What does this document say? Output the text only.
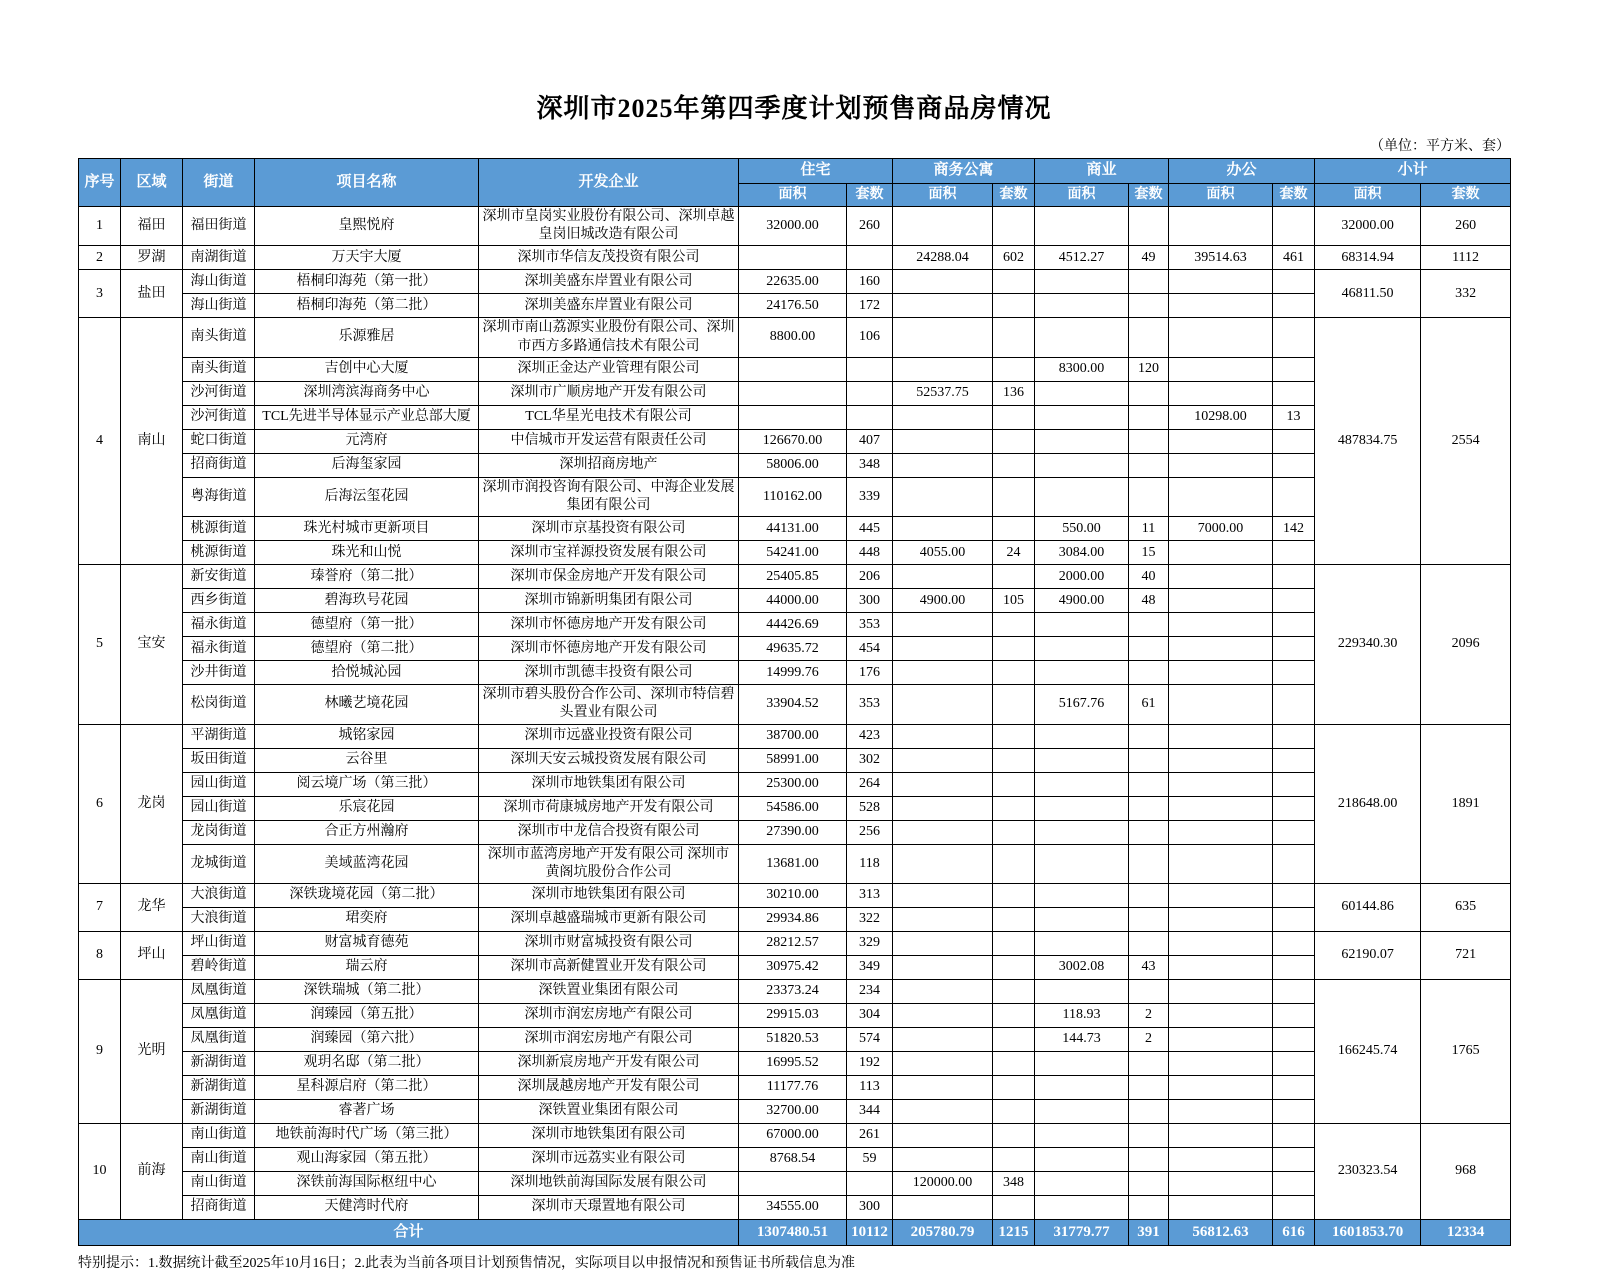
深圳市2025年第四季度计划预售商品房情况
（单位：平方米、套）
序号	区域	街道	项目名称	开发企业	住宅		商务公寓		商业		办公		小计	
					面积	套数	面积	套数	面积	套数	面积	套数	面积	套数
1	福田	福田街道	皇熙悦府	深圳市皇岗实业股份有限公司、深圳卓越皇岗旧城改造有限公司	32000.00	260							32000.00	260
2	罗湖	南湖街道	万天宇大厦	深圳市华信友茂投资有限公司			24288.04	602	4512.27	49	39514.63	461	68314.94	1112
3	盐田	海山街道	梧桐印海苑（第一批）	深圳美盛东岸置业有限公司	22635.00	160							46811.50	332
		海山街道	梧桐印海苑（第二批）	深圳美盛东岸置业有限公司	24176.50	172								
4	南山	南头街道	乐源雅居	深圳市南山荔源实业股份有限公司、深圳市西方多路通信技术有限公司	8800.00	106							487834.75	2554
		南头街道	吉创中心大厦	深圳正金达产业管理有限公司					8300.00	120				
		沙河街道	深圳湾滨海商务中心	深圳市广顺房地产开发有限公司			52537.75	136						
		沙河街道	TCL先进半导体显示产业总部大厦	TCL华星光电技术有限公司							10298.00	13		
		蛇口街道	元湾府	中信城市开发运营有限责任公司	126670.00	407								
		招商街道	后海玺家园	深圳招商房地产	58006.00	348								
		粤海街道	后海沄玺花园	深圳市润投咨询有限公司、中海企业发展集团有限公司	110162.00	339								
		桃源街道	珠光村城市更新项目	深圳市京基投资有限公司	44131.00	445			550.00	11	7000.00	142		
		桃源街道	珠光和山悦	深圳市宝祥源投资发展有限公司	54241.00	448	4055.00	24	3084.00	15				
5	宝安	新安街道	瑧誉府（第二批）	深圳市保金房地产开发有限公司	25405.85	206			2000.00	40			229340.30	2096
		西乡街道	碧海玖号花园	深圳市锦新明集团有限公司	44000.00	300	4900.00	105	4900.00	48				
		福永街道	德望府（第一批）	深圳市怀德房地产开发有限公司	44426.69	353								
		福永街道	德望府（第二批）	深圳市怀德房地产开发有限公司	49635.72	454								
		沙井街道	拾悦城沁园	深圳市凯德丰投资有限公司	14999.76	176								
		松岗街道	林曦艺境花园	深圳市碧头股份合作公司、深圳市特信碧头置业有限公司	33904.52	353			5167.76	61				
6	龙岗	平湖街道	城铭家园	深圳市远盛业投资有限公司	38700.00	423							218648.00	1891
		坂田街道	云谷里	深圳天安云城投资发展有限公司	58991.00	302								
		园山街道	阅云境广场（第三批）	深圳市地铁集团有限公司	25300.00	264								
		园山街道	乐宸花园	深圳市荷康城房地产开发有限公司	54586.00	528								
		龙岗街道	合正方州瀚府	深圳市中龙信合投资有限公司	27390.00	256								
		龙城街道	美域蓝湾花园	深圳市蓝湾房地产开发有限公司 深圳市黄阁坑股份合作公司	13681.00	118								
7	龙华	大浪街道	深铁珑境花园（第二批）	深圳市地铁集团有限公司	30210.00	313							60144.86	635
		大浪街道	珺奕府	深圳卓越盛瑞城市更新有限公司	29934.86	322								
8	坪山	坪山街道	财富城育德苑	深圳市财富城投资有限公司	28212.57	329							62190.07	721
		碧岭街道	瑞云府	深圳市高新健置业开发有限公司	30975.42	349			3002.08	43				
9	光明	凤凰街道	深铁瑞城（第二批）	深铁置业集团有限公司	23373.24	234							166245.74	1765
		凤凰街道	润臻园（第五批）	深圳市润宏房地产有限公司	29915.03	304			118.93	2				
		凤凰街道	润臻园（第六批）	深圳市润宏房地产有限公司	51820.53	574			144.73	2				
		新湖街道	观玥名邸（第二批）	深圳新宸房地产开发有限公司	16995.52	192								
		新湖街道	星科源启府（第二批）	深圳晟越房地产开发有限公司	11177.76	113								
		新湖街道	睿著广场	深铁置业集团有限公司	32700.00	344								
10	前海	南山街道	地铁前海时代广场（第三批）	深圳市地铁集团有限公司	67000.00	261							230323.54	968
		南山街道	观山海家园（第五批）	深圳市远荔实业有限公司	8768.54	59								
		南山街道	深铁前海国际枢纽中心	深圳地铁前海国际发展有限公司			120000.00	348						
		招商街道	天健湾时代府	深圳市天璟置地有限公司	34555.00	300								
合计					1307480.51	10112	205780.79	1215	31779.77	391	56812.63	616	1601853.70	12334
特别提示：1.数据统计截至2025年10月16日；2.此表为当前各项目计划预售情况，实际项目以申报情况和预售证书所载信息为准
